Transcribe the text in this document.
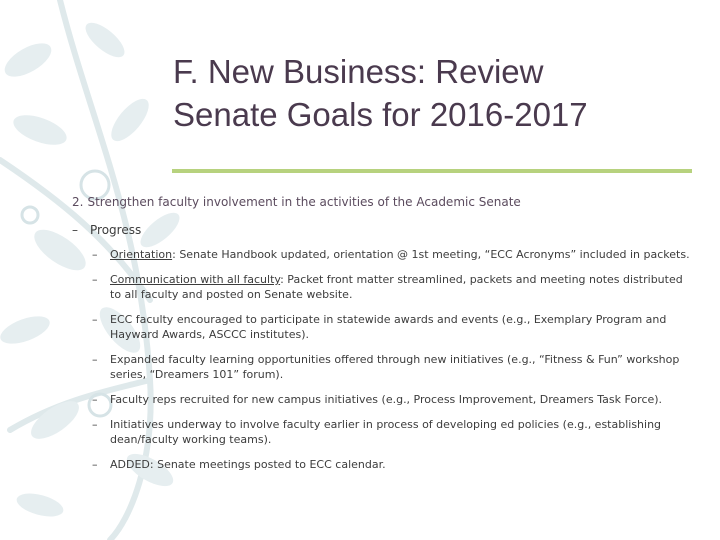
F. New Business: Review
Senate Goals for 2016-2017

2. Strengthen faculty involvement in the activities of the Academic Senate

– Progress

– Orientation: Senate Handbook updated, orientation @ 1st meeting, “ECC Acronyms” included in packets.
– Communication with all faculty: Packet front matter streamlined, packets and meeting notes distributed to all faculty and posted on Senate website.
– ECC faculty encouraged to participate in statewide awards and events (e.g., Exemplary Program and Hayward Awards, ASCCC institutes).
– Expanded faculty learning opportunities offered through new initiatives (e.g., “Fitness & Fun” workshop series, “Dreamers 101” forum).
– Faculty reps recruited for new campus initiatives (e.g., Process Improvement, Dreamers Task Force).
– Initiatives underway to involve faculty earlier in process of developing ed policies (e.g., establishing dean/faculty working teams).
– ADDED: Senate meetings posted to ECC calendar.
